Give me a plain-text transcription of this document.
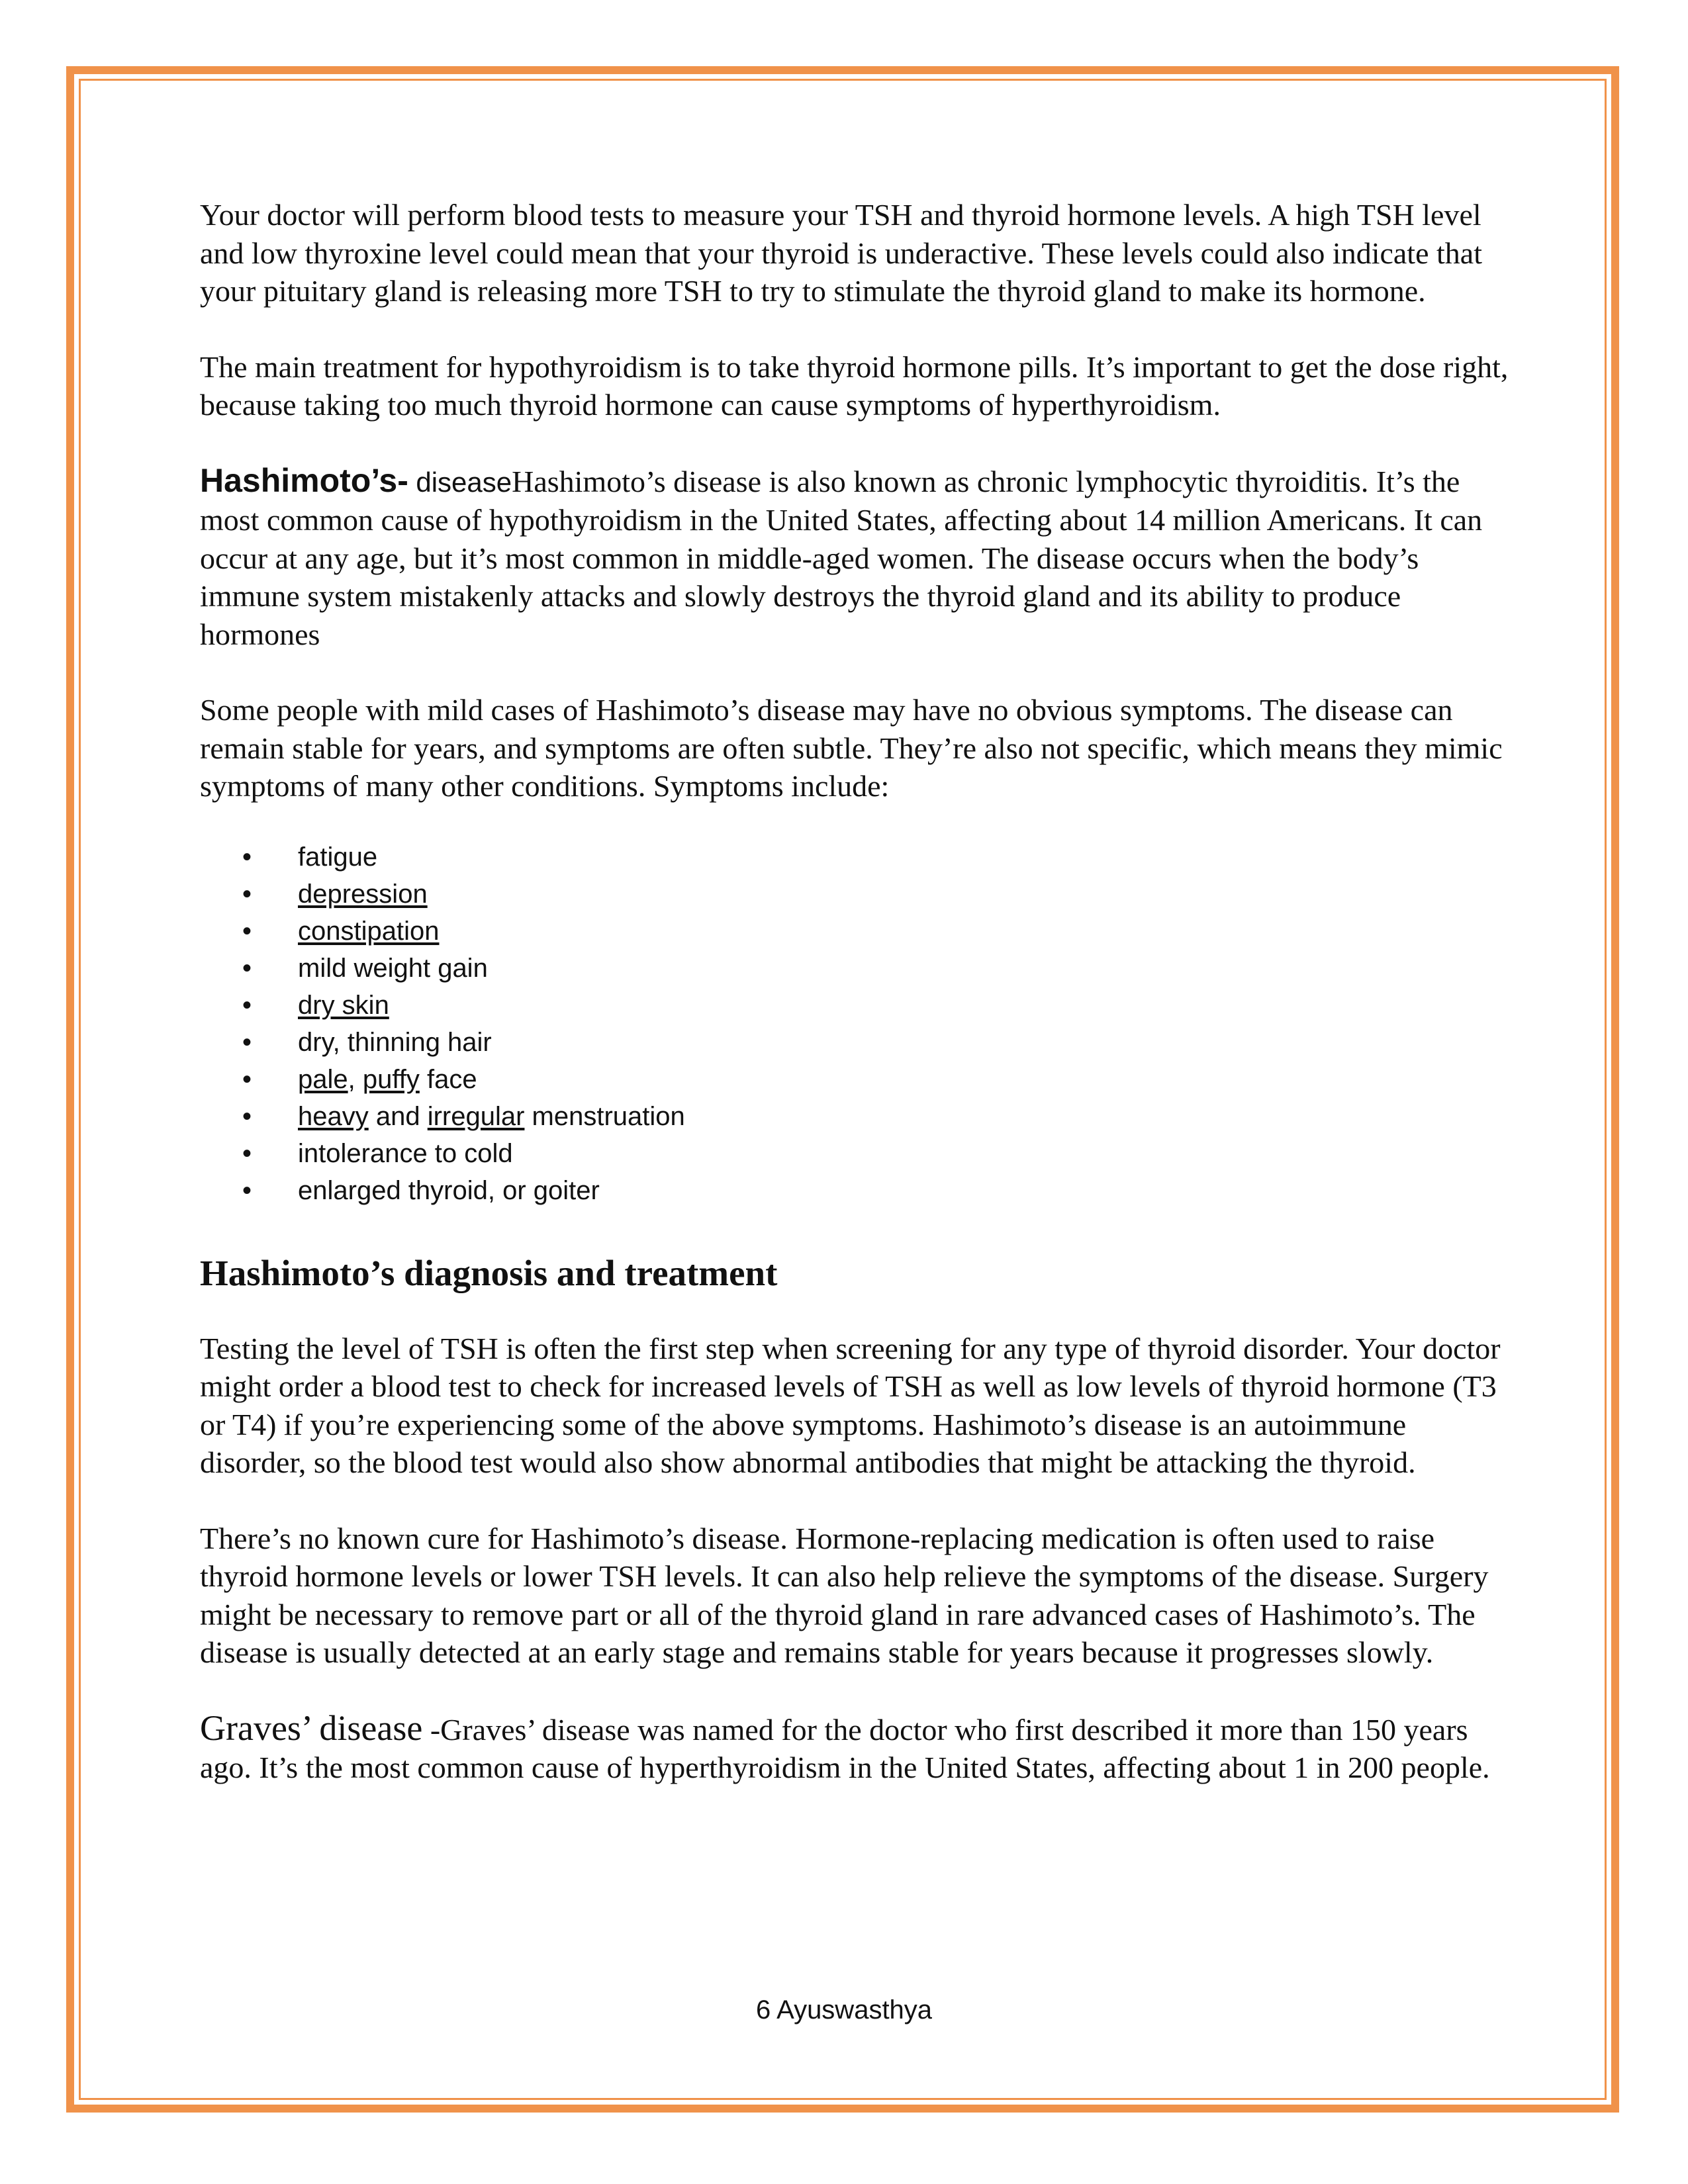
Your doctor will perform blood tests to measure your TSH and thyroid hormone levels. A high TSH level and low thyroxine level could mean that your thyroid is underactive. These levels could also indicate that your pituitary gland is releasing more TSH to try to stimulate the thyroid gland to make its hormone.

The main treatment for hypothyroidism is to take thyroid hormone pills. It’s important to get the dose right, because taking too much thyroid hormone can cause symptoms of hyperthyroidism.

Hashimoto’s- diseaseHashimoto’s disease is also known as chronic lymphocytic thyroiditis. It’s the most common cause of hypothyroidism in the United States, affecting about 14 million Americans. It can occur at any age, but it’s most common in middle-aged women. The disease occurs when the body’s immune system mistakenly attacks and slowly destroys the thyroid gland and its ability to produce hormones

Some people with mild cases of Hashimoto’s disease may have no obvious symptoms. The disease can remain stable for years, and symptoms are often subtle. They’re also not specific, which means they mimic symptoms of many other conditions. Symptoms include:

• fatigue
• depression
• constipation
• mild weight gain
• dry skin
• dry, thinning hair
• pale, puffy face
• heavy and irregular menstruation
• intolerance to cold
• enlarged thyroid, or goiter
Hashimoto’s diagnosis and treatment

Testing the level of TSH is often the first step when screening for any type of thyroid disorder. Your doctor might order a blood test to check for increased levels of TSH as well as low levels of thyroid hormone (T3 or T4) if you’re experiencing some of the above symptoms. Hashimoto’s disease is an autoimmune disorder, so the blood test would also show abnormal antibodies that might be attacking the thyroid.

There’s no known cure for Hashimoto’s disease. Hormone-replacing medication is often used to raise thyroid hormone levels or lower TSH levels. It can also help relieve the symptoms of the disease. Surgery might be necessary to remove part or all of the thyroid gland in rare advanced cases of Hashimoto’s. The disease is usually detected at an early stage and remains stable for years because it progresses slowly.

Graves’ disease -Graves’ disease was named for the doctor who first described it more than 150 years ago. It’s the most common cause of hyperthyroidism in the United States, affecting about 1 in 200 people.

6 Ayuswasthya
